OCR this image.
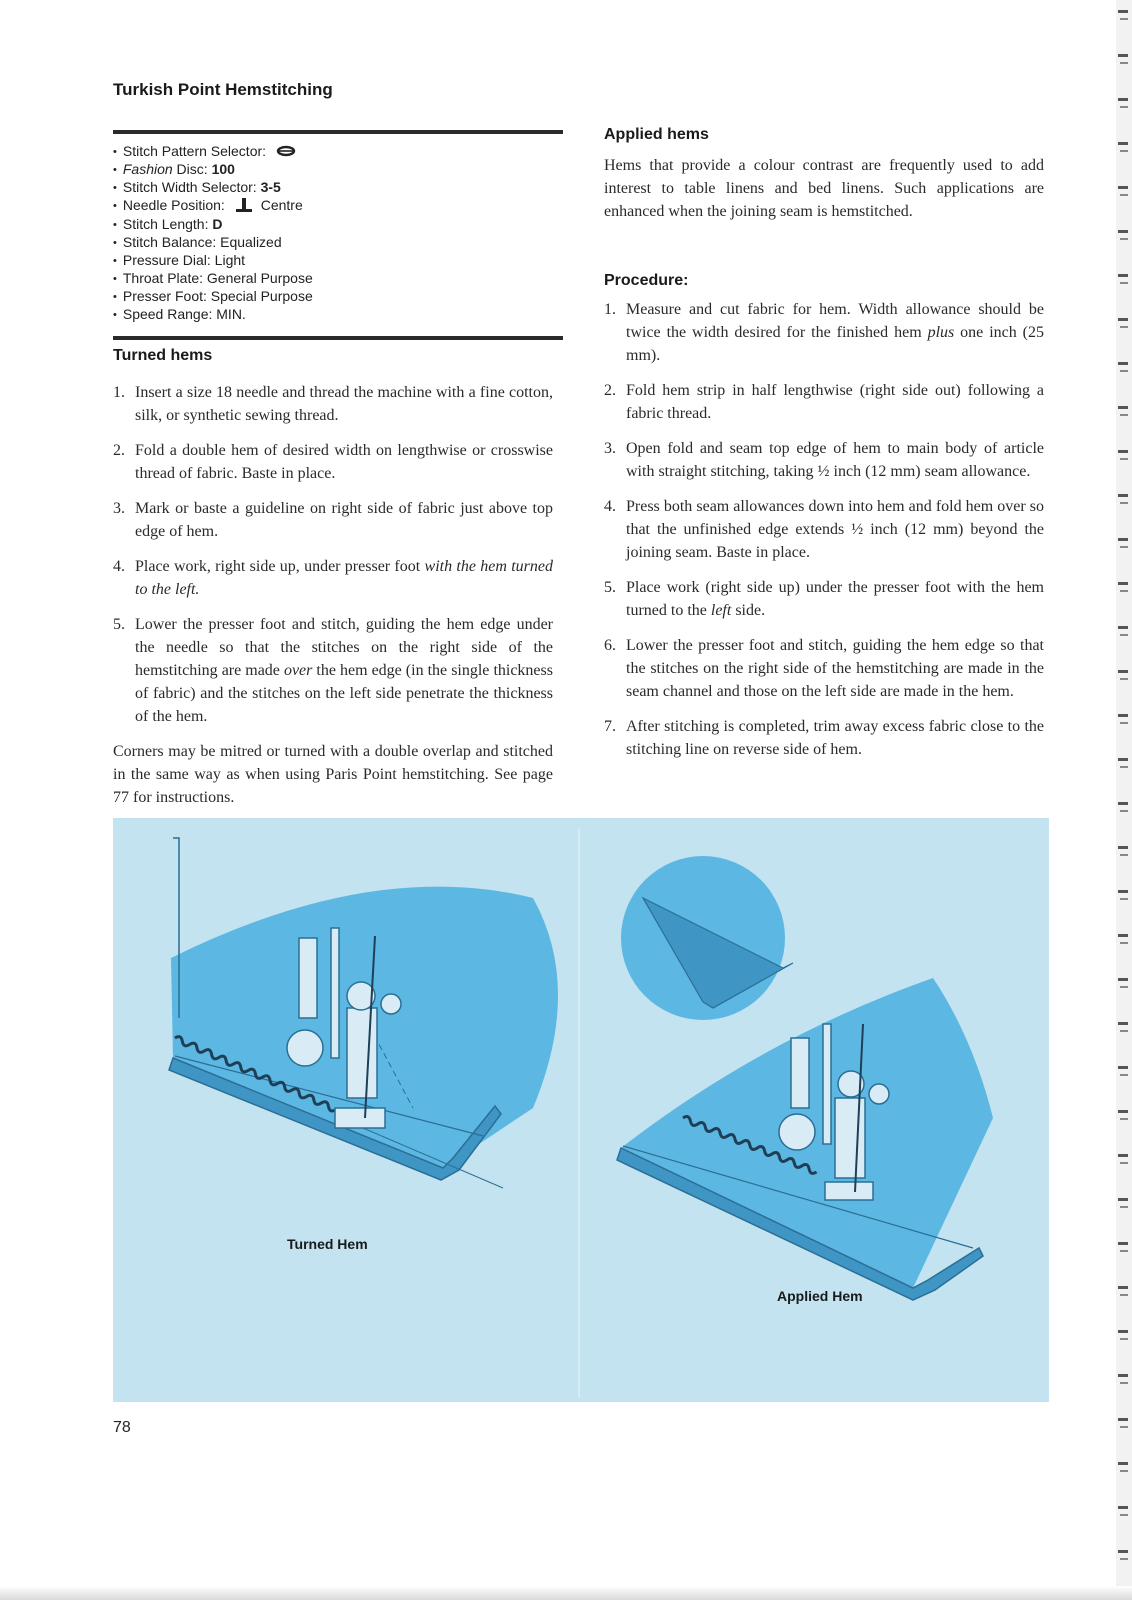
Turkish Point Hemstitching
• Stitch Pattern Selector:
• Fashion Disc: 100
• Stitch Width Selector: 3-5
• Needle Position: Centre
• Stitch Length: D
• Stitch Balance: Equalized
• Pressure Dial: Light
• Throat Plate: General Purpose
• Presser Foot: Special Purpose
• Speed Range: MIN.
Turned hems
1. Insert a size 18 needle and thread the machine with a fine cotton, silk, or synthetic sewing thread.
2. Fold a double hem of desired width on lengthwise or crosswise thread of fabric. Baste in place.
3. Mark or baste a guideline on right side of fabric just above top edge of hem.
4. Place work, right side up, under presser foot with the hem turned to the left.
5. Lower the presser foot and stitch, guiding the hem edge under the needle so that the stitches on the right side of the hemstitching are made over the hem edge (in the single thickness of fabric) and the stitches on the left side penetrate the thickness of the hem.

Corners may be mitred or turned with a double overlap and stitched in the same way as when using Paris Point hemstitching. See page 77 for instructions.

Applied hems

Hems that provide a colour contrast are frequently used to add interest to table linens and bed linens. Such applications are enhanced when the joining seam is hemstitched.

Procedure:
1. Measure and cut fabric for hem. Width allowance should be twice the width desired for the finished hem plus one inch (25 mm).
2. Fold hem strip in half lengthwise (right side out) following a fabric thread.
3. Open fold and seam top edge of hem to main body of article with straight stitching, taking ½ inch (12 mm) seam allowance.
4. Press both seam allowances down into hem and fold hem over so that the unfinished edge extends ½ inch (12 mm) beyond the joining seam. Baste in place.
5. Place work (right side up) under the presser foot with the hem turned to the left side.
6. Lower the presser foot and stitch, guiding the hem edge so that the stitches on the right side of the hemstitching are made in the seam channel and those on the left side are made in the hem.
7. After stitching is completed, trim away excess fabric close to the stitching line on reverse side of hem.
Turned Hem
Applied Hem
78
